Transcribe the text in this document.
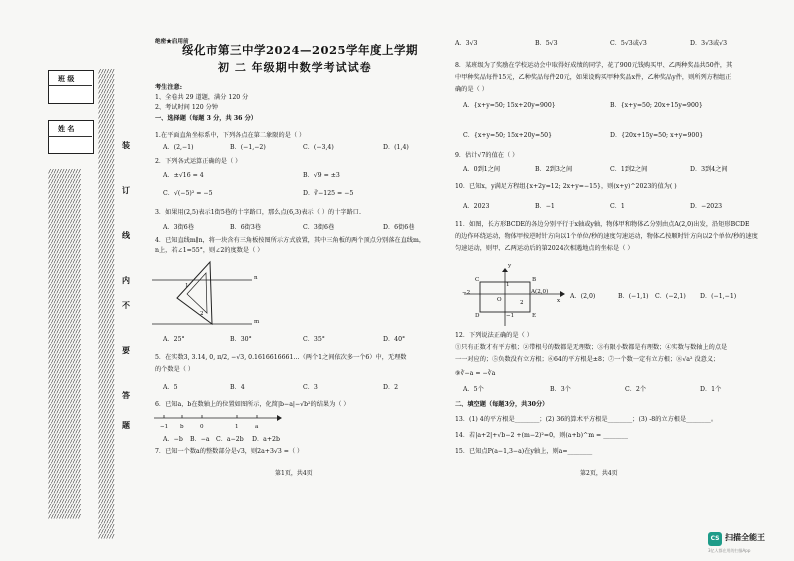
班 级
姓 名
////////////
////////////
////////////
////////////
////////////
////////////
////////////
////////////
////////////
////////////
////////////
////////////
////////////
////////////
////////////
////////////
////////////
////////////
////////////
////////////
////////////
////////////
////////////
////////////
////////////
////////////
////////////
////////////
////////////
////////////
////////////
////////////
////////////
////////////
////////////
////////////
////////////
////////////
////////////
////////////
////////////
////////////
////////////
////////////
////////////
////////////
////////////
////////////
////////////
////////////
////////////
////////////
////////////
////////////
////////////
////////////
////////////
////////////
////////////
////////////
////////////
////////////
////////////
////////////
////////////
////////////
////////////
////////////
////////////
////////////
//////
//////
//////
//////
//////
//////
//////
//////
//////
//////
//////
//////
//////
//////
//////
//////
//////
//////
//////
//////
//////
//////
//////
//////
//////
//////
//////
//////
//////
//////
//////
//////
//////
//////
//////
//////
//////
//////
//////
//////
//////
//////
//////
//////
//////
//////
//////
//////
//////
//////
//////
//////
//////
//////
//////
//////
//////
//////
//////
//////
//////
//////
//////
//////
//////
//////
//////
//////
//////
//////
//////
//////
//////
//////
//////
//////
//////
//////
//////
//////
//////
//////
//////
//////
//////
//////
//////
//////
//////
//////
//////
//////
//////
//////
装
订
线
内
不
要
答
题
绝密★启用前
绥化市第三中学2024—2025学年度上学期
初 二 年级期中数学考试试卷
考生注意:
1、全卷共 29 道题，满分 120 分
2、考试时间 120 分钟
一、选择题（每题 3 分，共 36 分）
1.在平面直角坐标系中，下列各点在第二象限的是（ ）
A．(2,−1)	B．(−1,−2)	C．(−3,4)	D．(1,4)
2．下列各式运算正确的是（ ）
A．±√16 = 4	B．√9 = ±3
C．√(−5)² = −5	D．∛−125 = −5
3．如果用(2,5)表示1街5巷的十字路口，那么点(6,3)表示（ ）的十字路口.
A．3街6巷	B．6街3巷	C．3街6巷	D．6街6巷
4．已知直线m∥n，将一块含有三角板按图所示方式放置，其中三角板的两个顶点分别落在直线m，
n上，若∠1=55°，则∠2的度数是（ ）
n
m
1
2
A．25°	B．30°	C．35°	D．40°
5．在实数3, 3.14, 0, π/2, −√3, 0.1616616661…（两个1之间依次多一个6）中，无理数
的个数是（ ）
A．5	B．4	C．3	D．2
6．已知a，b在数轴上的位置如图所示，化简|b−a|−√b²的结果为（ ）
−1 b	0	1	a
A．−b B．−a C．a−2b D．a+2b
7．已知一个数a的整数部分是√3，则2a+3√3 =（ ）
第1页，共4页
A．3√3	B．5√3	C．5√3或√3	D．3√3或√3
8．某班级为了奖励在学校运动会中取得好成绩的同学，花了900元钱购买甲、乙两种奖品共50件，其
中甲种奖品每件15元，乙种奖品每件20元，如果设购买甲种奖品x件，乙种奖品y件，则所列方程组正
确的是（ ）
A．{x+y=50; 15x+20y=900}	B．{x+y=50; 20x+15y=900}
C．{x+y=50; 15x+20y=50}	D．{20x+15y=50; x+y=900}
9．估计√7的值在（ ）
A．0到1之间	B．2到3之间	C．1到2之间	D．3到4之间
10．已知x，y满足方程组{x+2y=12; 2x+y=−15}，则(x+y)^2023的值为( )
A．2023	B．−1	C．1	D．−2023
11．如图，长方形BCDE的各边分别平行于x轴或y轴，物体甲和物体乙分别由点A(2,0)出发，沿矩形BCDE
的边作环绕运动，物体甲按逆时针方向以1个单位/秒的速度匀速运动，物体乙按顺时针方向以2个单位/秒的速度
匀速运动，则甲、乙两运动后的第2024次相遇地点的坐标是（ ）
C	B
A(2,0)
O
D	E
x
y
−2
2
−1
1
A．(2,0)	B．(−1,1) C．(−2,1) D．(−1,−1)
12．下列说法正确的是（ ）
①只有正数才有平方根；②带根号的数都是无理数；③有限小数都是有理数；④实数与数轴上的点是
一一对应的；⑤负数没有立方根；⑥64的平方根是±8；⑦一个数一定有立方根；⑧√a² 没意义；
⑨∛−a = −∛a
A．5个	B．3个	C．2个	D．1个
二、填空题（每题3分，共30分）
13．(1) 4的平方根是________；(2) 36的算术平方根是________；(3) -8的立方根是________。
14．若|a+2|+√b−2 +(m−2)²=0，则(a+b)^m = ________
15．已知点P(a−1,3−a)在y轴上，则a=________
第2页，共4页
CS 扫描全能王
3亿人都在用的扫描App
